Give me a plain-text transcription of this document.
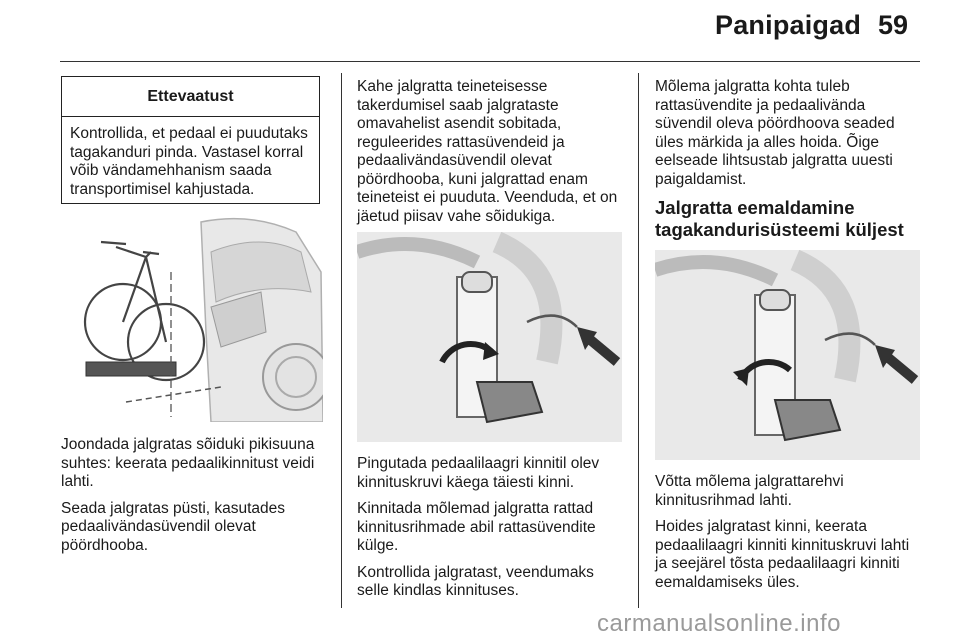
Panipaigad 59
Ettevaatust
Kontrollida, et pedaal ei puudutaks tagakanduri pinda. Vastasel korral võib vändamehhanism saada transportimisel kahjustada.

Joondada jalgratas sõiduki pikisuuna suhtes: keerata pedaalikinnitust veidi lahti.

Seada jalgratas püsti, kasutades pedaalivändasüvendil olevat pöördhooba.

Kahe jalgratta teineteisesse takerdumisel saab jalgrataste omavahelist asendit sobitada, reguleerides rattasüvendeid ja pedaalivändasüvendil olevat pöördhooba, kuni jalgrattad enam teineteist ei puuduta. Veenduda, et on jäetud piisav vahe sõidukiga.

Pingutada pedaalilaagri kinnitil olev kinnituskruvi käega täiesti kinni.

Kinnitada mõlemad jalgratta rattad kinnitusrihmade abil rattasüvendite külge.

Kontrollida jalgratast, veendumaks selle kindlas kinnituses.

Mõlema jalgratta kohta tuleb rattasüvendite ja pedaalivända süvendil oleva pöördhoova seaded üles märkida ja alles hoida. Õige eelseade lihtsustab jalgratta uuesti paigaldamist.

Jalgratta eemaldamine tagakandurisüsteemi küljest

Võtta mõlema jalgrattarehvi kinnitusrihmad lahti.

Hoides jalgratast kinni, keerata pedaalilaagri kinniti kinnituskruvi lahti ja seejärel tõsta pedaalilaagri kinniti eemaldamiseks üles.

carmanualsonline.info
